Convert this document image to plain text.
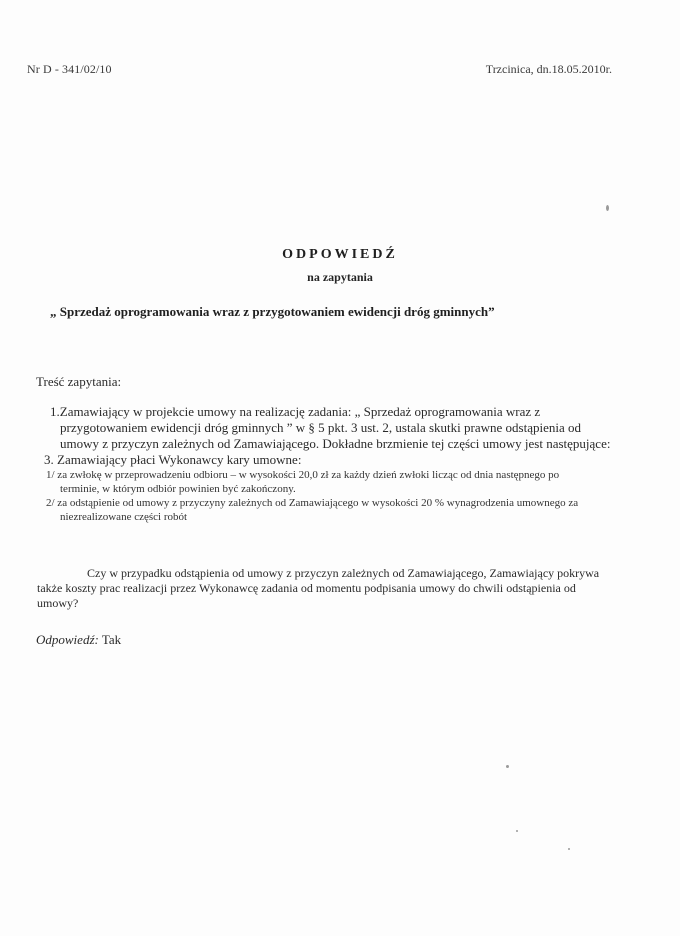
Nr D - 341/02/10	Trzcinica, dn.18.05.2010r.
ODPOWIEDŹ
na zapytania
„ Sprzedaż oprogramowania wraz z przygotowaniem ewidencji dróg gminnych”
Treść zapytania:
1.Zamawiający w projekcie umowy na realizację zadania: „ Sprzedaż oprogramowania wraz z przygotowaniem ewidencji dróg gminnych ” w § 5 pkt. 3 ust. 2, ustala skutki prawne odstąpienia od umowy z przyczyn zależnych od Zamawiającego. Dokładne brzmienie tej części umowy jest następujące:
3. Zamawiający płaci Wykonawcy kary umowne:
1/ za zwłokę w przeprowadzeniu odbioru – w wysokości 20,0 zł za każdy dzień zwłoki licząc od dnia następnego po terminie, w którym odbiór powinien być zakończony.
2/ za odstąpienie od umowy z przyczyny zależnych od Zamawiającego w wysokości 20 % wynagrodzenia umownego za niezrealizowane części robót
Czy w przypadku odstąpienia od umowy z przyczyn zależnych od Zamawiającego, Zamawiający pokrywa także koszty prac realizacji przez Wykonawcę zadania od momentu podpisania umowy do chwili odstąpienia od umowy?
Odpowiedź: Tak
